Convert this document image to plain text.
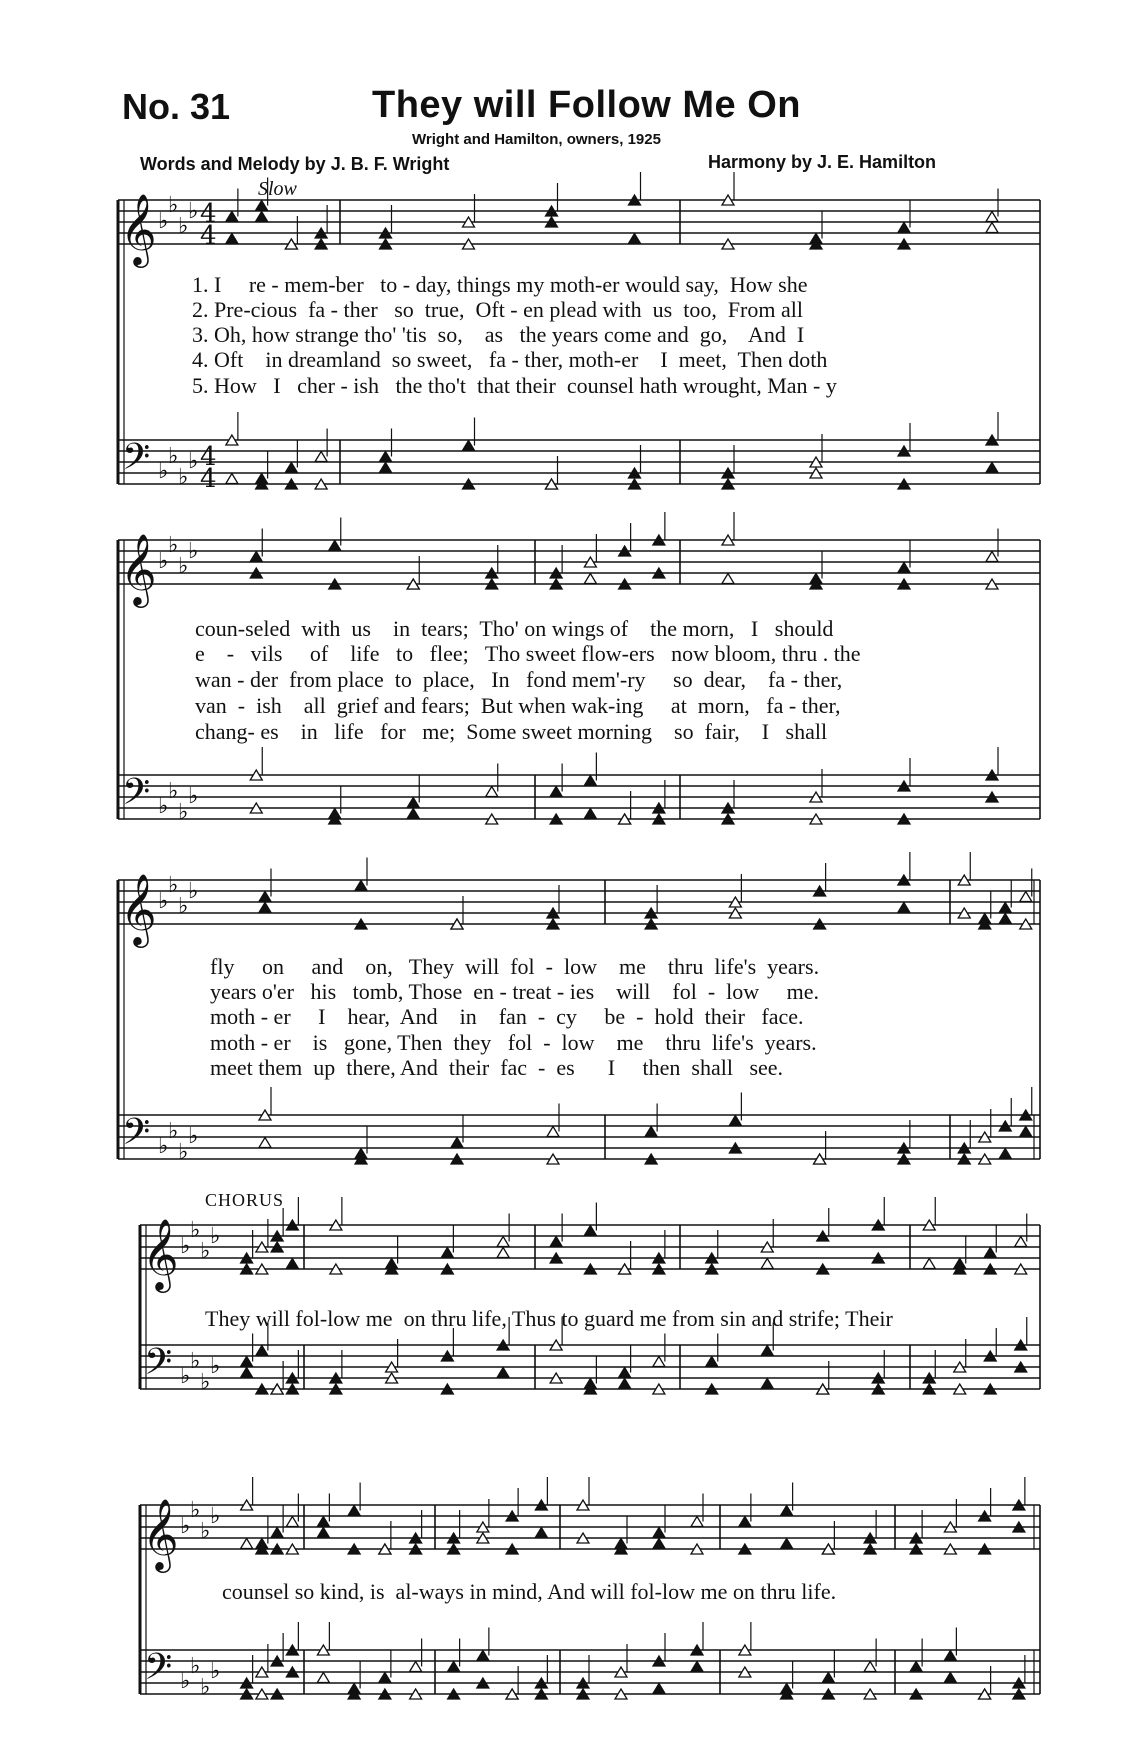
No. 31	They will Follow Me On
Wright and Hamilton, owners, 1925
Words and Melody by J. B. F. Wright	Harmony by J. E. Hamilton
Slow
CHORUS
4
4
4
4
𝄞 ♭
♭
♭
♭
𝄢 ♭
♭
♭
♭
𝄞 ♭
♭
♭
♭
𝄢 ♭
♭
♭
♭
𝄞 ♭
♭
♭
♭
𝄢 ♭
♭
♭
♭
𝄞 ♭
♭
♭
♭
𝄢 ♭
♭
♭
♭
𝄞 ♭
♭
♭
♭
𝄢 ♭
♭
♭
♭
1. I     re - mem-ber   to - day, things my moth-er would say,  How she
2. Pre-cious  fa - ther   so  true,  Oft - en plead with  us  too,  From all
3. Oh, how strange tho' 'tis  so,    as   the years come and  go,    And  I
4. Oft    in dreamland  so sweet,   fa - ther, moth-er    I  meet,  Then doth
5. How   I   cher - ish   the tho't  that their  counsel hath wrought, Man - y
coun-seled  with  us    in  tears;  Tho' on wings of    the morn,   I   should
e    -   vils     of    life   to   flee;   Tho sweet flow-ers   now bloom, thru . the
wan - der  from place  to  place,   In   fond mem'-ry     so  dear,    fa - ther,
van  -  ish    all  grief and fears;  But when wak-ing     at  morn,   fa - ther,
chang- es    in   life   for   me;  Some sweet morning    so  fair,    I   shall
fly     on     and    on,   They  will  fol  -  low    me    thru  life's  years.
years o'er   his   tomb, Those  en - treat - ies    will    fol  -  low     me.
moth - er     I    hear,  And    in    fan  -  cy     be  -  hold  their   face.
moth - er    is   gone, Then  they   fol  -  low    me    thru  life's  years.
meet them  up  there, And  their  fac  -  es      I     then  shall   see.
They will fol-low me  on thru life, Thus to guard me from sin and strife; Their
counsel so kind, is  al-ways in mind, And will fol-low me on thru life.
